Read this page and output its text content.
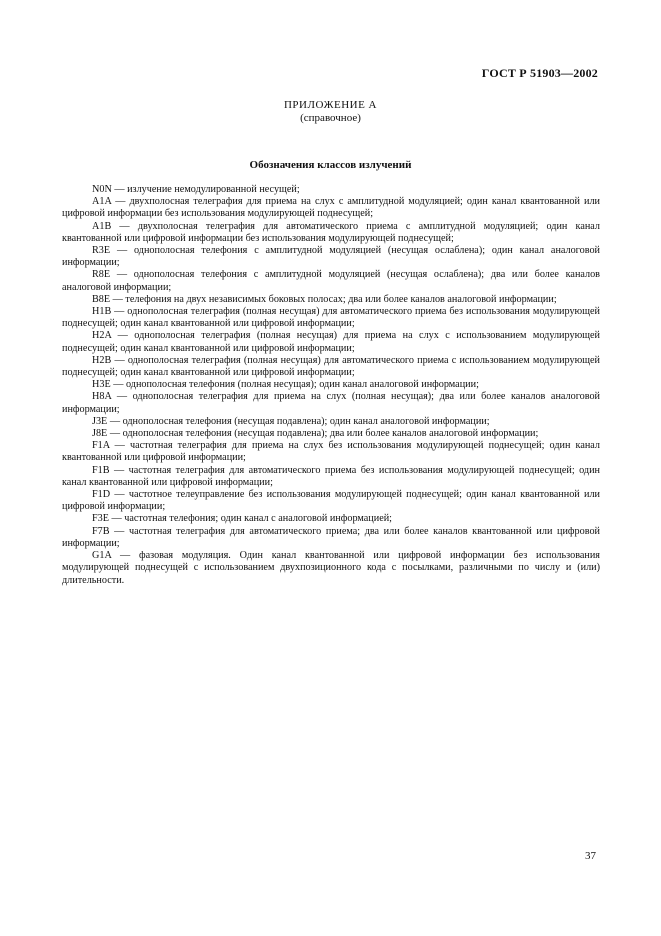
ГОСТ Р 51903—2002
ПРИЛОЖЕНИЕ А
(справочное)
Обозначения классов излучений

N0N — излучение немодулированной несущей;

A1A — двухполосная телеграфия для приема на слух с амплитудной модуляцией; один канал квантованной или цифровой информации без использования модулирующей поднесущей;

A1B — двухполосная телеграфия для автоматического приема с амплитудной модуляцией; один канал квантованной или цифровой информации без использования модулирующей поднесущей;

R3E — однополосная телефония с амплитудной модуляцией (несущая ослаблена); один канал аналоговой информации;

R8E — однополосная телефония с амплитудной модуляцией (несущая ослаблена); два или более каналов аналоговой информации;

B8E — телефония на двух независимых боковых полосах; два или более каналов аналоговой информации;

H1B — однополосная телеграфия (полная несущая) для автоматического приема без использования модулирующей поднесущей; один канал квантованной или цифровой информации;

H2A — однополосная телеграфия (полная несущая) для приема на слух с использованием модулирующей поднесущей; один канал квантованной или цифровой информации;

H2B — однополосная телеграфия (полная несущая) для автоматического приема с использованием модулирующей поднесущей; один канал квантованной или цифровой информации;

H3E — однополосная телефония (полная несущая); один канал аналоговой информации;

H8A — однополосная телеграфия для приема на слух (полная несущая); два или более каналов аналоговой информации;

J3E — однополосная телефония (несущая подавлена); один канал аналоговой информации;

J8E — однополосная телефония (несущая подавлена); два или более каналов аналоговой информации;

F1A — частотная телеграфия для приема на слух без использования модулирующей поднесущей; один канал квантованной или цифровой информации;

F1B — частотная телеграфия для автоматического приема без использования модулирующей поднесущей; один канал квантованной или цифровой информации;

F1D — частотное телеуправление без использования модулирующей поднесущей; один канал квантованной или цифровой информации;

F3E — частотная телефония; один канал с аналоговой информацией;

F7B — частотная телеграфия для автоматического приема; два или более каналов квантованной или цифровой информации;

G1A — фазовая модуляция. Один канал квантованной или цифровой информации без использования модулирующей поднесущей с использованием двухпозиционного кода с посылками, различными по числу и (или) длительности.

37
